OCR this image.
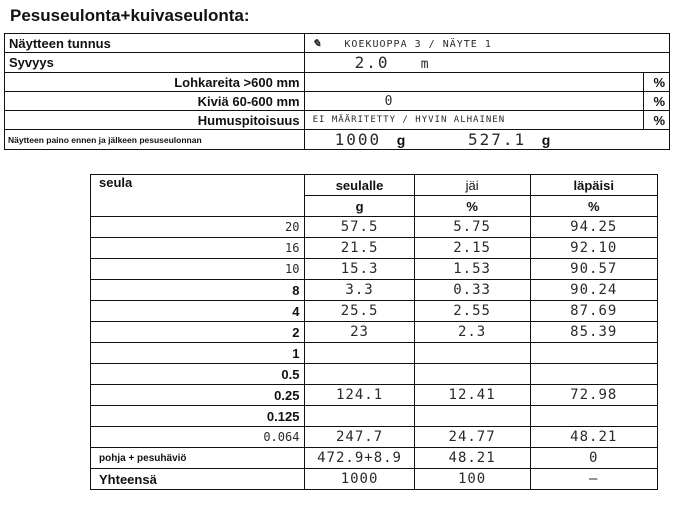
Pesuseulonta+kuivaseulonta:
Näytteen tunnus	✎ KOEKUOPPA 3 / NÄYTE 1	
Syvyys	2.0 m	
Lohkareita >600 mm		%
Kiviä 60-600 mm	0	%
Humuspitoisuus	EI MÄÄRITETTY / HYVIN ALHAINEN	%
Näytteen paino ennen ja jälkeen pesuseulonnan	1000 g 527.1 g	
seula	seulalle	jäi	läpäisi
	g	%	%
20	57.5	5.75	94.25
16	21.5	2.15	92.10
10	15.3	1.53	90.57
8	3.3	0.33	90.24
4	25.5	2.55	87.69
2	23	2.3	85.39
1			
0.5			
0.25	124.1	12.41	72.98
0.125			
0.064	247.7	24.77	48.21
pohja + pesuhäviö	472.9+8.9	48.21	0
Yhteensä	1000	100	–
